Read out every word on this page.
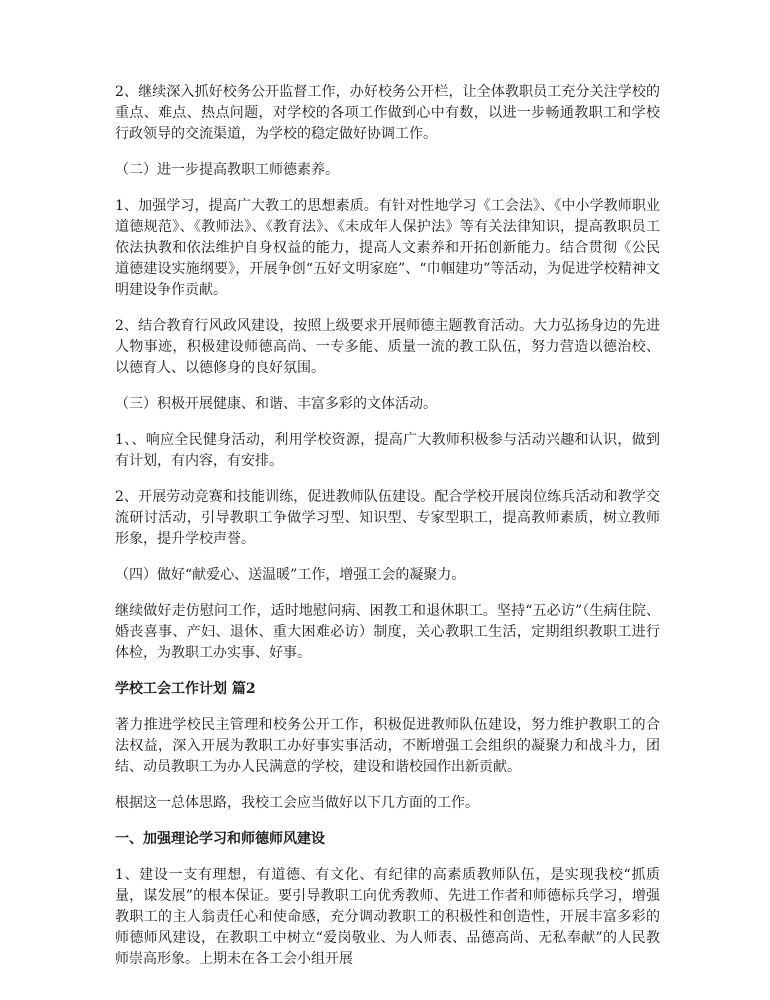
2、继续深入抓好校务公开监督工作，办好校务公开栏，让全体教职员工充分关注学校的重点、难点、热点问题，对学校的各项工作做到心中有数，以进一步畅通教职工和学校行政领导的交流渠道，为学校的稳定做好协调工作。

（二）进一步提高教职工师德素养。

1、加强学习，提高广大教工的思想素质。有针对性地学习《工会法》、《中小学教师职业道德规范》、《教师法》、《教育法》、《未成年人保护法》等有关法律知识，提高教职员工依法执教和依法维护自身权益的能力，提高人文素养和开拓创新能力。结合贯彻《公民道德建设实施纲要》，开展争创“五好文明家庭”、“巾帼建功”等活动，为促进学校精神文明建设争作贡献。

2、结合教育行风政风建设，按照上级要求开展师德主题教育活动。大力弘扬身边的先进人物事迹，积极建设师德高尚、一专多能、质量一流的教工队伍，努力营造以德治校、以德育人、以德修身的良好氛围。

（三）积极开展健康、和谐、丰富多彩的文体活动。

1、、响应全民健身活动，利用学校资源，提高广大教师积极参与活动兴趣和认识，做到有计划，有内容，有安排。

2、开展劳动竞赛和技能训练，促进教师队伍建设。配合学校开展岗位练兵活动和教学交流研讨活动，引导教职工争做学习型、知识型、专家型职工，提高教师素质，树立教师形象，提升学校声誉。

（四）做好“献爱心、送温暖”工作，增强工会的凝聚力。

继续做好走仿慰问工作，适时地慰问病、困教工和退休职工。坚持“五必访”（生病住院、婚丧喜事、产妇、退休、重大困难必访）制度，关心教职工生活，定期组织教职工进行体检，为教职工办实事、好事。

学校工会工作计划 篇2

著力推进学校民主管理和校务公开工作，积极促进教师队伍建设，努力维护教职工的合法权益，深入开展为教职工办好事实事活动，不断增强工会组织的凝聚力和战斗力，团结、动员教职工为办人民满意的学校，建设和谐校园作出新贡献。

根据这一总体思路，我校工会应当做好以下几方面的工作。

一、加强理论学习和师德师风建设

1、建设一支有理想，有道德、有文化、有纪律的高素质教师队伍，是实现我校“抓质量，谋发展”的根本保证。要引导教职工向优秀教师、先进工作者和师德标兵学习，增强教职工的主人翁责任心和使命感，充分调动教职工的积极性和创造性，开展丰富多彩的师德师风建设，在教职工中树立“爱岗敬业、为人师表、品德高尚、无私奉献”的人民教师崇高形象。上期未在各工会小组开展
